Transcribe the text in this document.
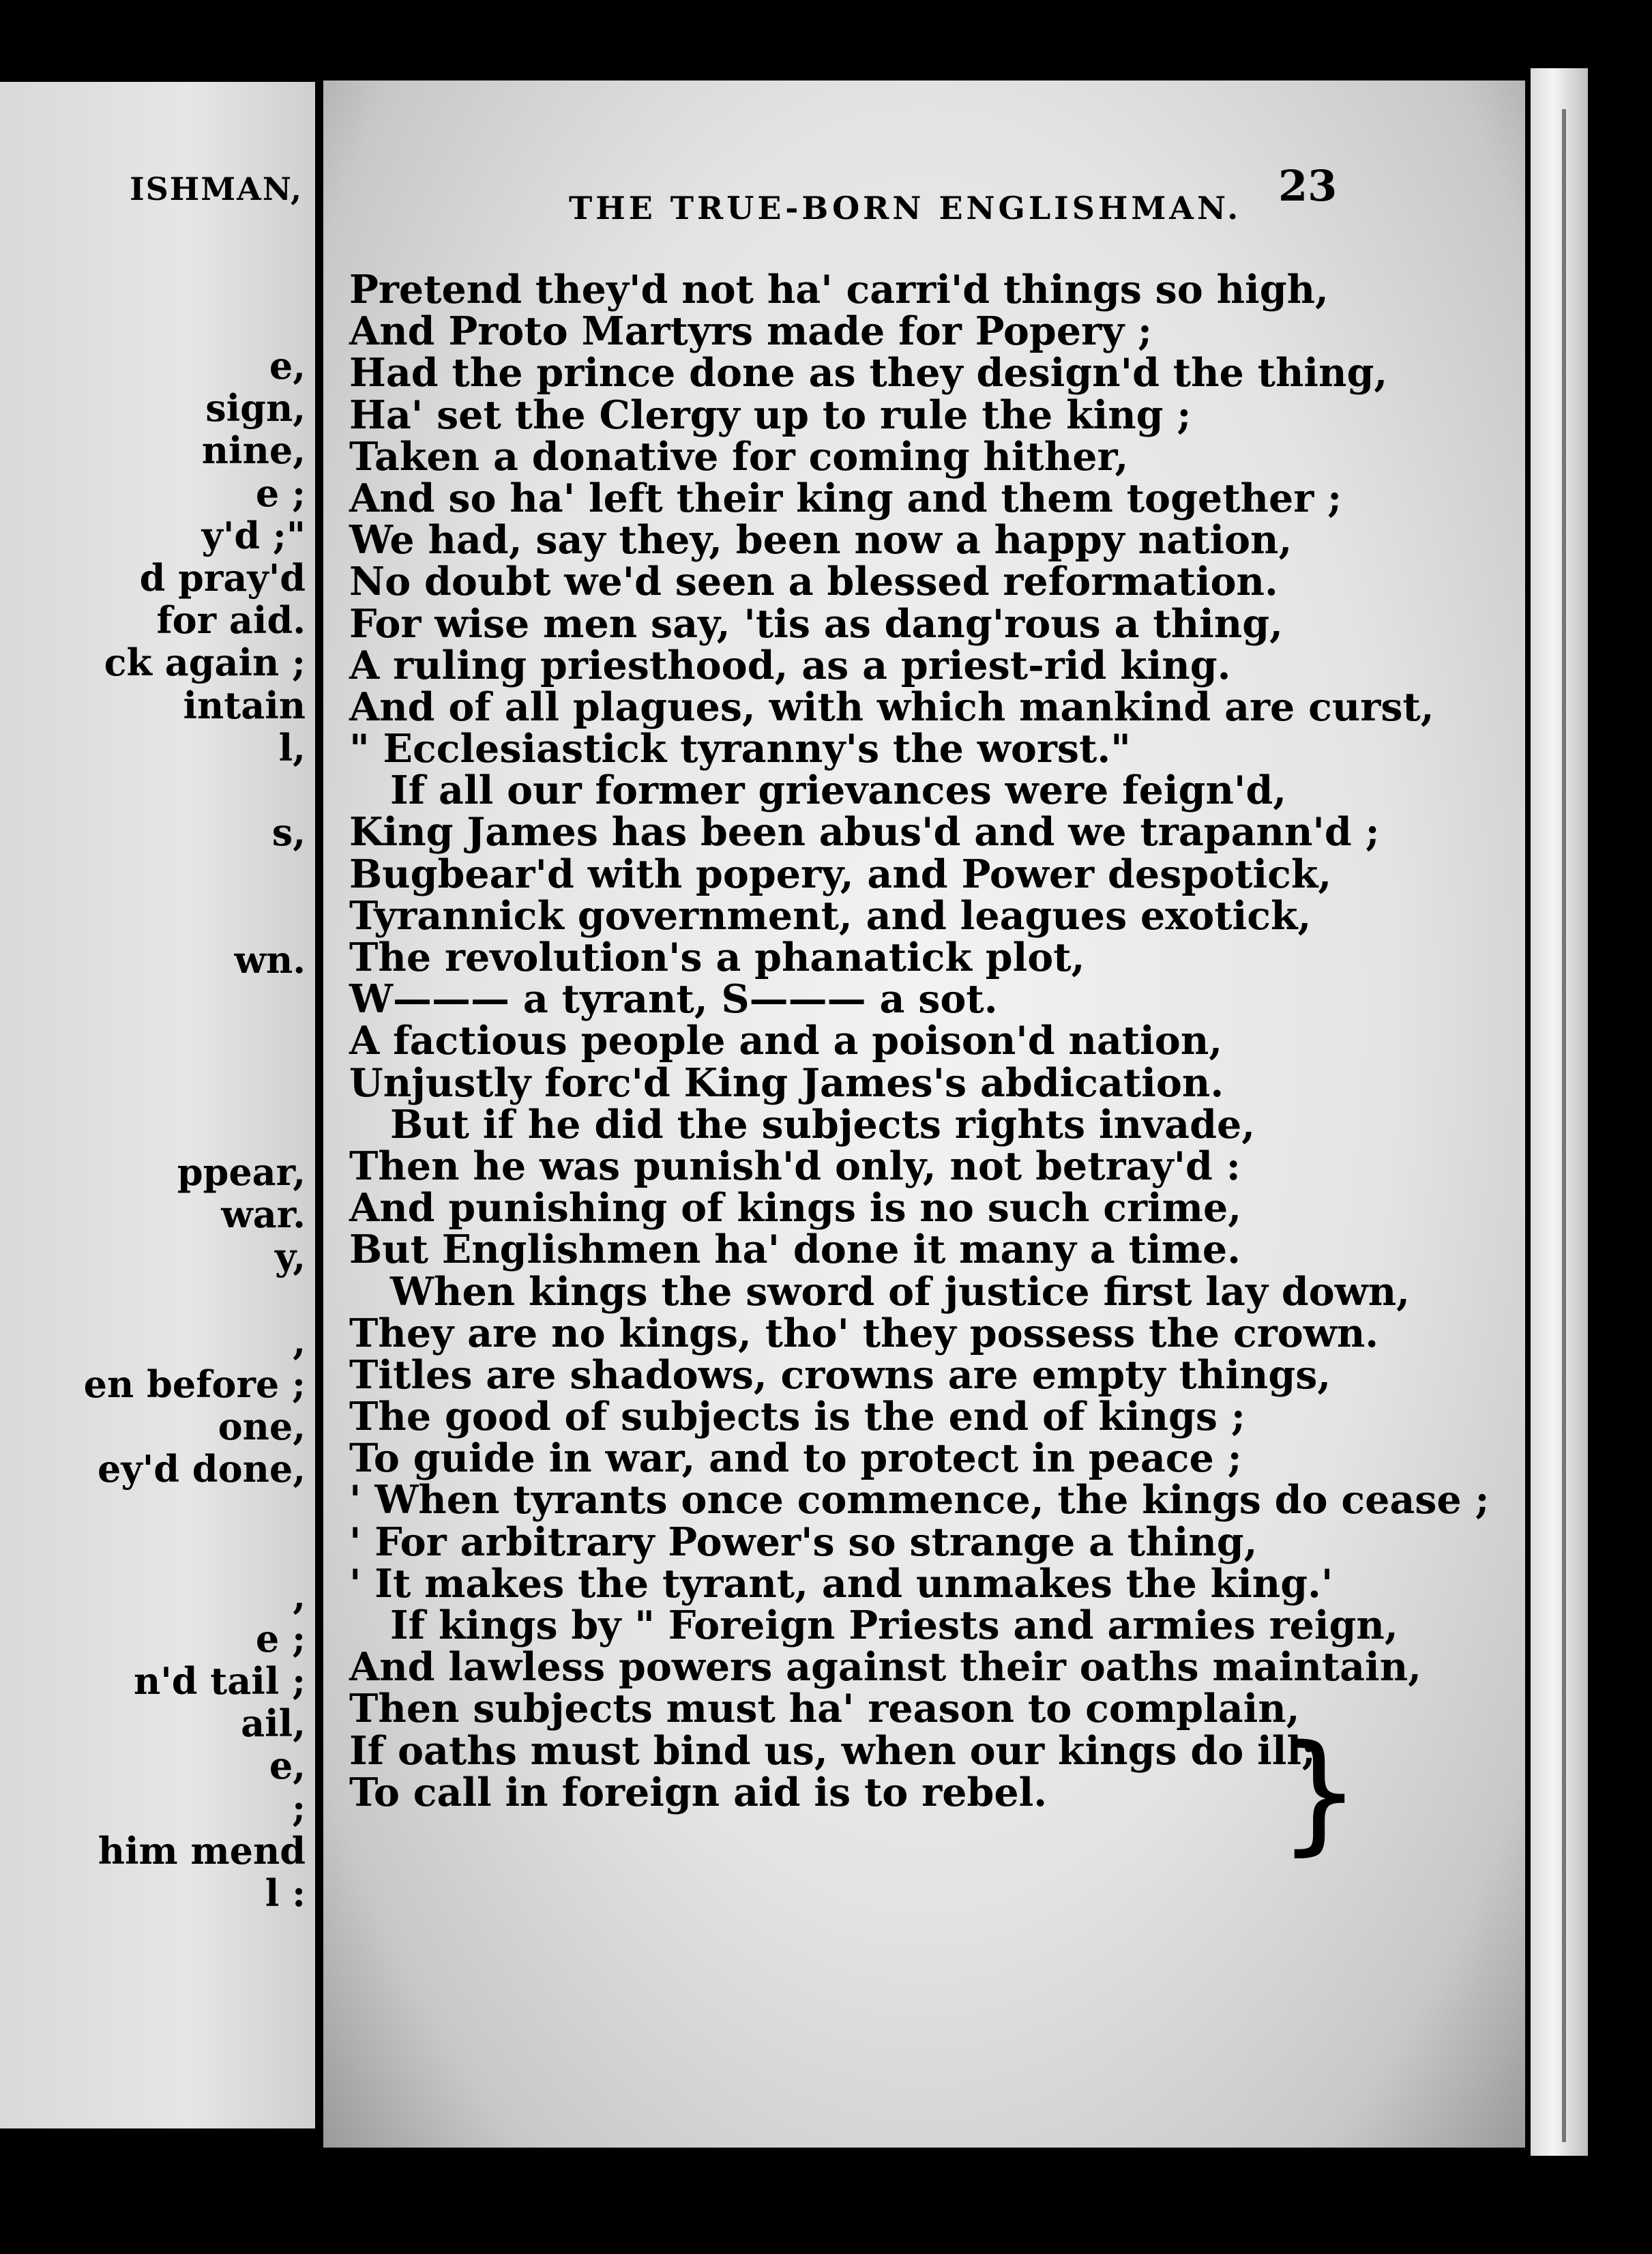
ISHMAN,
e,
sign,
nine,
e ;
y'd ;"
d pray'd
for aid.
ck again ;
intain
l,
s,
wn.
ppear,
war.
y,
,
en before ;
one,
ey'd done,
,
e ;
n'd tail ;
ail,
e,
;
him mend
l :
THE TRUE-BORN ENGLISHMAN. 23
Pretend they'd not ha' carri'd things so high,
And Proto Martyrs made for Popery ;
Had the prince done as they design'd the thing,
Ha' set the Clergy up to rule the king ;
Taken a donative for coming hither,
And so ha' left their king and them together ;
We had, say they, been now a happy nation,
No doubt we'd seen a blessed reformation.
For wise men say, 'tis as dang'rous a thing,
A ruling priesthood, as a priest-rid king.
And of all plagues, with which mankind are curst,
" Ecclesiastick tyranny's the worst."
If all our former grievances were feign'd,
King James has been abus'd and we trapann'd ;
Bugbear'd with popery, and Power despotick,
Tyrannick government, and leagues exotick,
The revolution's a phanatick plot,
W——— a tyrant, S——— a sot.
A factious people and a poison'd nation,
Unjustly forc'd King James's abdication.
But if he did the subjects rights invade,
Then he was punish'd only, not betray'd :
And punishing of kings is no such crime,
But Englishmen ha' done it many a time.
When kings the sword of justice first lay down,
They are no kings, tho' they possess the crown.
Titles are shadows, crowns are empty things,
The good of subjects is the end of kings ;
To guide in war, and to protect in peace ;
' When tyrants once commence, the kings do cease ;
' For arbitrary Power's so strange a thing,
' It makes the tyrant, and unmakes the king.'
If kings by " Foreign Priests and armies reign,
And lawless powers against their oaths maintain,
Then subjects must ha' reason to complain,
If oaths must bind us, when our kings do ill;
To call in foreign aid is to rebel.	}
